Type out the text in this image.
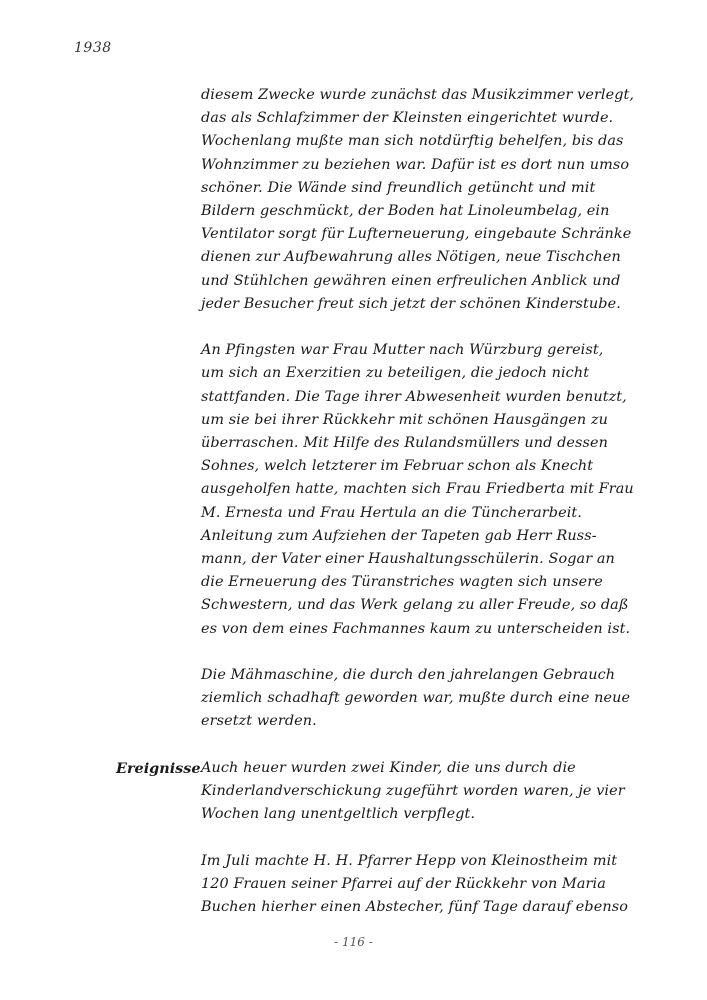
1938
diesem Zwecke wurde zunächst das Musikzimmer verlegt,
das als Schlafzimmer der Kleinsten eingerichtet wurde.
Wochenlang mußte man sich notdürftig behelfen, bis das
Wohnzimmer zu beziehen war. Dafür ist es dort nun umso
schöner. Die Wände sind freundlich getüncht und mit
Bildern geschmückt, der Boden hat Linoleumbelag, ein
Ventilator sorgt für Lufterneuerung, eingebaute Schränke
dienen zur Aufbewahrung alles Nötigen, neue Tischchen
und Stühlchen gewähren einen erfreulichen Anblick und
jeder Besucher freut sich jetzt der schönen Kinderstube.
An Pfingsten war Frau Mutter nach Würzburg gereist,
um sich an Exerzitien zu beteiligen, die jedoch nicht
stattfanden. Die Tage ihrer Abwesenheit wurden benutzt,
um sie bei ihrer Rückkehr mit schönen Hausgängen zu
überraschen. Mit Hilfe des Rulandsmüllers und dessen
Sohnes, welch letzterer im Februar schon als Knecht
ausgeholfen hatte, machten sich Frau Friedberta mit Frau
M. Ernesta und Frau Hertula an die Tüncherarbeit.
Anleitung zum Aufziehen der Tapeten gab Herr Russ-
mann, der Vater einer Haushaltungsschülerin. Sogar an
die Erneuerung des Türanstriches wagten sich unsere
Schwestern, und das Werk gelang zu aller Freude, so daß
es von dem eines Fachmannes kaum zu unterscheiden ist.
Die Mähmaschine, die durch den jahrelangen Gebrauch
ziemlich schadhaft geworden war, mußte durch eine neue
ersetzt werden.
Ereignisse Auch heuer wurden zwei Kinder, die uns durch die
Kinderlandverschickung zugeführt worden waren, je vier
Wochen lang unentgeltlich verpflegt.
Im Juli machte H. H. Pfarrer Hepp von Kleinostheim mit
120 Frauen seiner Pfarrei auf der Rückkehr von Maria
Buchen hierher einen Abstecher, fünf Tage darauf ebenso
- 116 -
